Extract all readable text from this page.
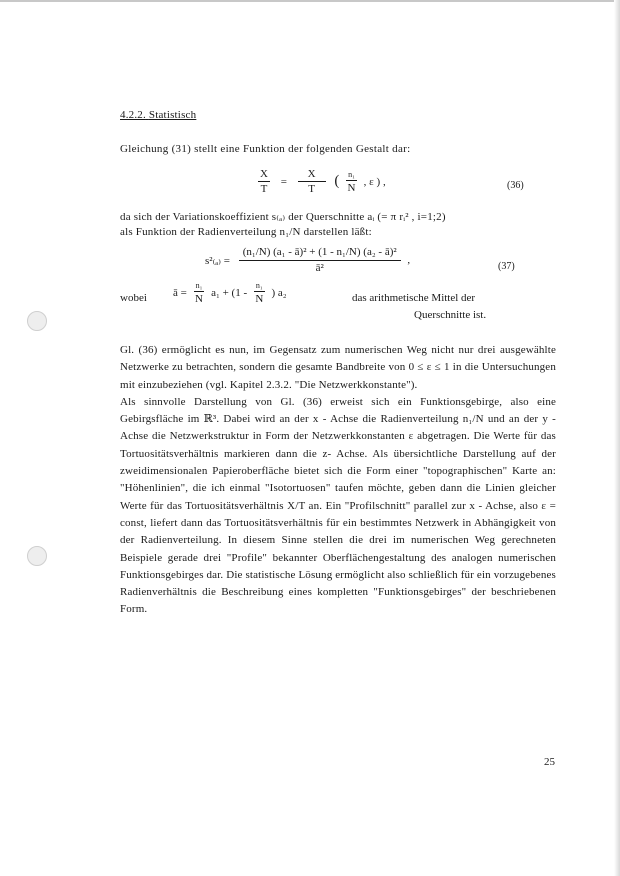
4.2.2. Statistisch
Gleichung (31) stellt eine Funktion der folgenden Gestalt dar:
$\frac{X}{T} = \frac{X}{T}$ ( $\frac{\text{n₁}}{N}$ , ε ) ,	(36)
da sich der Variationskoeffizient s₍ₐ₎ der Querschnitte aᵢ (= π rᵢ² , i=1;2)
als Funktion der Radienverteilung n₁/N darstellen läßt:
$s^2_{(a)} = \frac{\text{(n₁/N) (a₁ - ā)² + (1 - n₁/N) (a₂ - ā)²}}{\text{ā²}}$ ,
(37)
wobei ā = $\frac{\text{n₁}}{N} a_1 + (1 - \frac{\text{n₁}}{N}$ ) a₂	das arithmetische Mittel der
Querschnitte ist.

Gl. (36) ermöglicht es nun, im Gegensatz zum numerischen Weg nicht nur drei ausgewählte Netzwerke zu betrachten, sondern die gesamte Bandbreite von 0 ≤ ε ≤ 1 in die Untersuchungen mit einzubeziehen (vgl. Kapitel 2.3.2. "Die Netzwerkkonstante").

Als sinnvolle Darstellung von Gl. (36) erweist sich ein Funktionsgebirge, also eine Gebirgsfläche im ℝ³. Dabei wird an der x - Achse die Radienverteilung n₁/N und an der y - Achse die Netzwerkstruktur in Form der Netzwerkkonstanten ε abgetragen. Die Werte für das Tortuositätsverhältnis markieren dann die z- Achse. Als übersichtliche Darstellung auf der zweidimensionalen Papieroberfläche bietet sich die Form einer "topographischen" Karte an: "Höhenlinien", die ich einmal "Isotortuosen" taufen möchte, geben dann die Linien gleicher Werte für das Tortuositätsverhältnis X/T an. Ein "Profilschnitt" parallel zur x - Achse, also ε = const, liefert dann das Tortuositätsverhältnis für ein bestimmtes Netzwerk in Abhängigkeit von der Radienverteilung. In diesem Sinne stellen die drei im numerischen Weg gerechneten Beispiele gerade drei "Profile" bekannter Oberflächengestaltung des analogen numerischen Funktionsgebirges dar. Die statistische Lösung ermöglicht also schließlich für ein vorzugebenes Radienverhältnis die Beschreibung eines kompletten "Funktionsgebirges" der beschriebenen Form.

25
